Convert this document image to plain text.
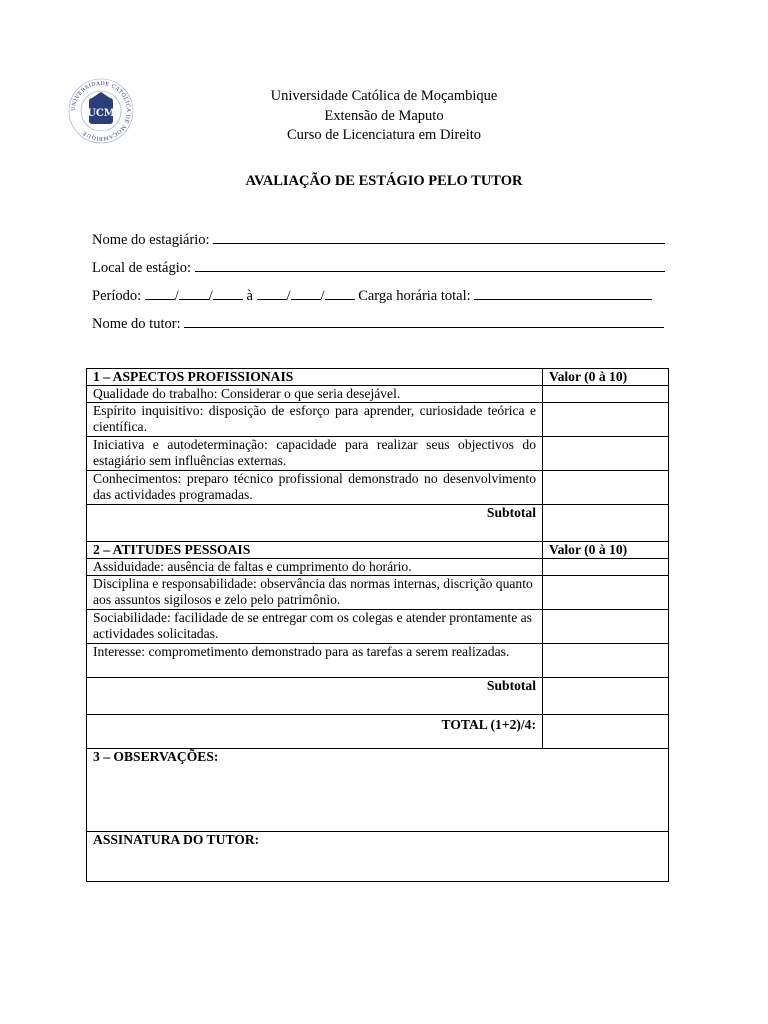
UNIVERSIDADE CATÓLICA DE MOÇAMBIQUE
UCM
Universidade Católica de Moçambique
Extensão de Maputo
Curso de Licenciatura em Direito
AVALIAÇÃO DE ESTÁGIO PELO TUTOR
Nome do estagiário:
Local de estágio:
Período: / / à / / Carga horária total:
Nome do tutor:
1 – ASPECTOS PROFISSIONAIS	Valor (0 à 10)
Qualidade do trabalho: Considerar o que seria desejável.	
Espírito inquisitivo: disposição de esforço para aprender, curiosidade teórica e científica.	
Iniciativa e autodeterminação: capacidade para realizar seus objectivos do estagiário sem influências externas.	
Conhecimentos: preparo técnico profissional demonstrado no desenvolvimento das actividades programadas.	
Subtotal	
2 – ATITUDES PESSOAIS	Valor (0 à 10)
Assiduidade: ausência de faltas e cumprimento do horário.	
Disciplina e responsabilidade: observância das normas internas, discrição quanto aos assuntos sigilosos e zelo pelo patrimônio.	
Sociabilidade: facilidade de se entregar com os colegas e atender prontamente as actividades solicitadas.	
Interesse: comprometimento demonstrado para as tarefas a serem realizadas.	
Subtotal	
TOTAL (1+2)/4:	
3 – OBSERVAÇÕES:	
ASSINATURA DO TUTOR:	
